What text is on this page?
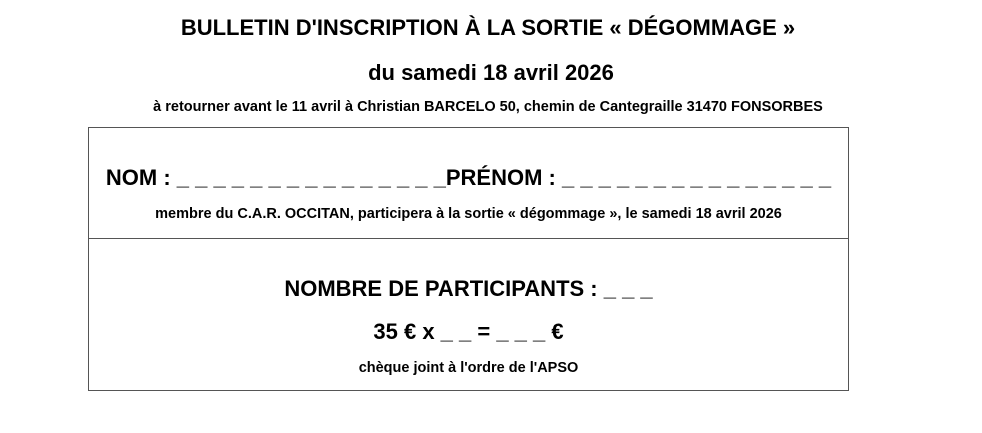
BULLETIN D'INSCRIPTION À LA SORTIE « DÉGOMMAGE »
du samedi 18 avril 2026
à retourner avant le 11 avril à Christian BARCELO 50, chemin de Cantegraille 31470 FONSORBES
NOM : _ _ _ _ _ _ _ _ _ _ _ _ _ _ _PRÉNOM : _ _ _ _ _ _ _ _ _ _ _ _ _ _ _
membre du C.A.R. OCCITAN, participera à la sortie « dégommage », le samedi 18 avril 2026
NOMBRE DE PARTICIPANTS : _ _ _
35 € x _ _ = _ _ _ €
chèque joint à l'ordre de l'APSO
